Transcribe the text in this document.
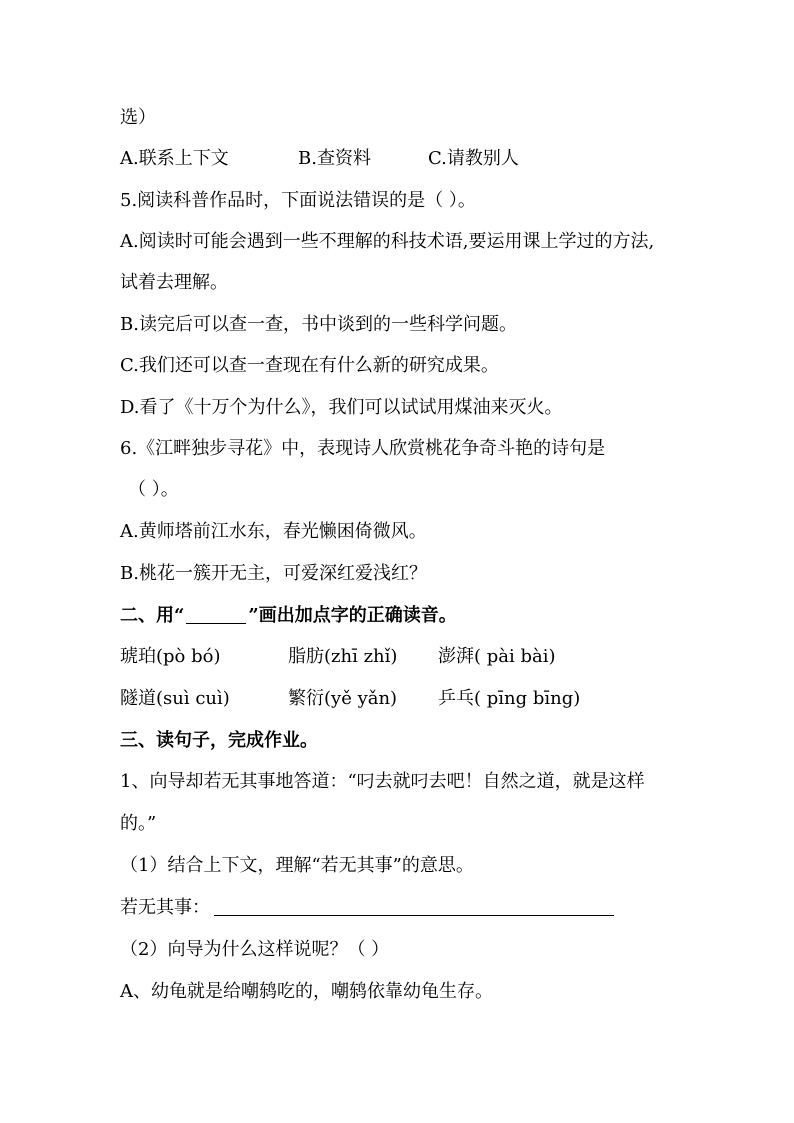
选）
A.联系上下文	B.查资料	C.请教别人
5.阅读科普作品时，下面说法错误的是（ ）。
A.阅读时可能会遇到一些不理解的科技术语,要运用课上学过的方法,
试着去理解。
B.读完后可以查一查，书中谈到的一些科学问题。
C.我们还可以查一查现在有什么新的研究成果。
D.看了《十万个为什么》，我们可以试试用煤油来灭火。
6.《江畔独步寻花》中，表现诗人欣赏桃花争奇斗艳的诗句是
（ ）。
A.黄师塔前江水东，春光懒困倚微风。
B.桃花一簇开无主，可爱深红爱浅红？
二、用“	”画出加点字的正确读音。
琥珀(pò bó)	脂肪(zhī zhǐ) 澎湃( pài bài)
隧道(suì cuì)	繁衍(yě yǎn) 乒乓( pīng bīng)
三、读句子，完成作业。
1、向导却若无其事地答道：“叼去就叼去吧！自然之道，就是这样
的。”
（1）结合上下文，理解“若无其事”的意思。
若无其事：
（2）向导为什么这样说呢？（ ）
A、幼龟就是给嘲鸫吃的，嘲鸫依靠幼龟生存。
